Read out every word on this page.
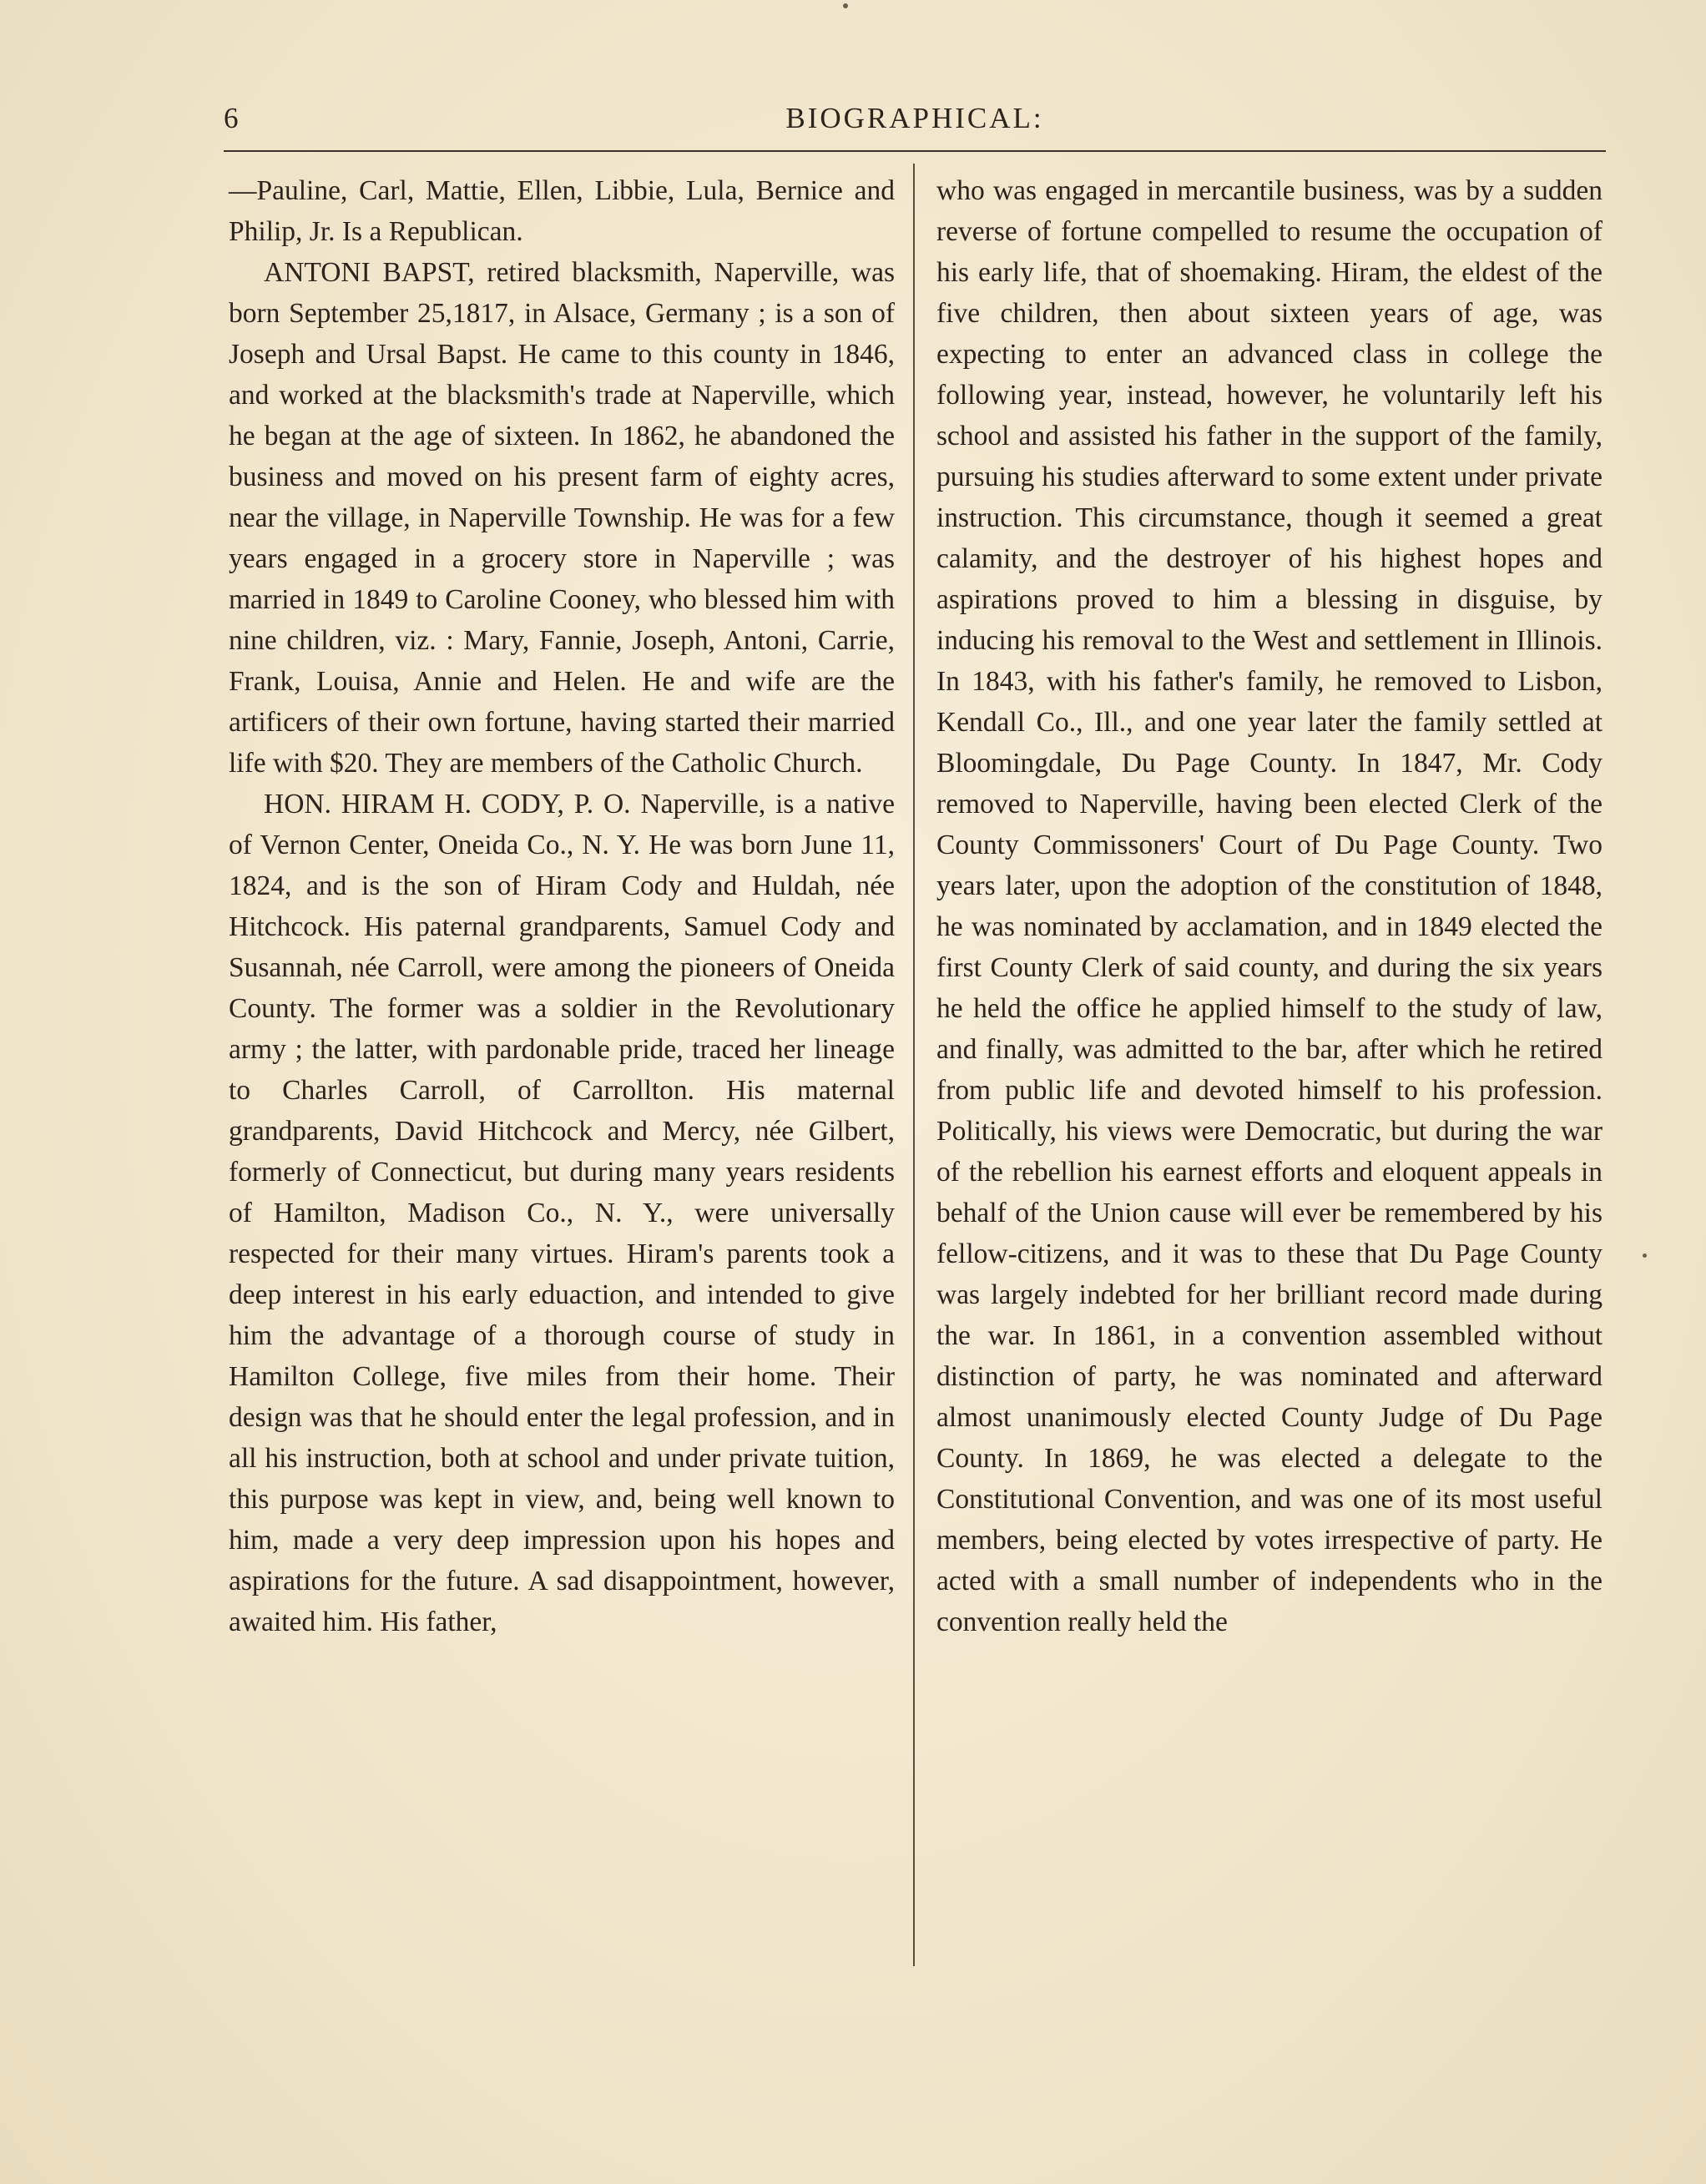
6	BIOGRAPHICAL:

—Pauline, Carl, Mattie, Ellen, Libbie, Lula, Bernice and Philip, Jr. Is a Republican.

ANTONI BAPST, retired blacksmith, Naperville, was born September 25,1817, in Alsace, Germany ; is a son of Joseph and Ursal Bapst. He came to this county in 1846, and worked at the blacksmith's trade at Naperville, which he began at the age of sixteen. In 1862, he abandoned the business and moved on his present farm of eighty acres, near the village, in Naperville Township. He was for a few years engaged in a grocery store in Naperville ; was married in 1849 to Caroline Cooney, who blessed him with nine children, viz. : Mary, Fannie, Joseph, Antoni, Carrie, Frank, Louisa, Annie and Helen. He and wife are the artificers of their own fortune, having started their married life with $20. They are members of the Catholic Church.

HON. HIRAM H. CODY, P. O. Naperville, is a native of Vernon Center, Oneida Co., N. Y. He was born June 11, 1824, and is the son of Hiram Cody and Huldah, née Hitchcock. His paternal grandparents, Samuel Cody and Susannah, née Carroll, were among the pioneers of Oneida County. The former was a soldier in the Revolutionary army ; the latter, with pardonable pride, traced her lineage to Charles Carroll, of Carrollton. His maternal grandparents, David Hitchcock and Mercy, née Gilbert, formerly of Connecticut, but during many years residents of Hamilton, Madison Co., N. Y., were universally respected for their many virtues. Hiram's parents took a deep interest in his early eduaction, and intended to give him the advantage of a thorough course of study in Hamilton College, five miles from their home. Their design was that he should enter the legal profession, and in all his instruction, both at school and under private tuition, this purpose was kept in view, and, being well known to him, made a very deep impression upon his hopes and aspirations for the future. A sad disappointment, however, awaited him. His father,

who was engaged in mercantile business, was by a sudden reverse of fortune compelled to resume the occupation of his early life, that of shoemaking. Hiram, the eldest of the five children, then about sixteen years of age, was expecting to enter an advanced class in college the following year, instead, however, he voluntarily left his school and assisted his father in the support of the family, pursuing his studies afterward to some extent under private instruction. This circumstance, though it seemed a great calamity, and the destroyer of his highest hopes and aspirations proved to him a blessing in disguise, by inducing his removal to the West and settlement in Illinois. In 1843, with his father's family, he removed to Lisbon, Kendall Co., Ill., and one year later the family settled at Bloomingdale, Du Page County. In 1847, Mr. Cody removed to Naperville, having been elected Clerk of the County Commissoners' Court of Du Page County. Two years later, upon the adoption of the constitution of 1848, he was nominated by acclamation, and in 1849 elected the first County Clerk of said county, and during the six years he held the office he applied himself to the study of law, and finally, was admitted to the bar, after which he retired from public life and devoted himself to his profession. Politically, his views were Democratic, but during the war of the rebellion his earnest efforts and eloquent appeals in behalf of the Union cause will ever be remembered by his fellow-citizens, and it was to these that Du Page County was largely indebted for her brilliant record made during the war. In 1861, in a convention assembled without distinction of party, he was nominated and afterward almost unanimously elected County Judge of Du Page County. In 1869, he was elected a delegate to the Constitutional Convention, and was one of its most useful members, being elected by votes irrespective of party. He acted with a small number of independents who in the convention really held the
